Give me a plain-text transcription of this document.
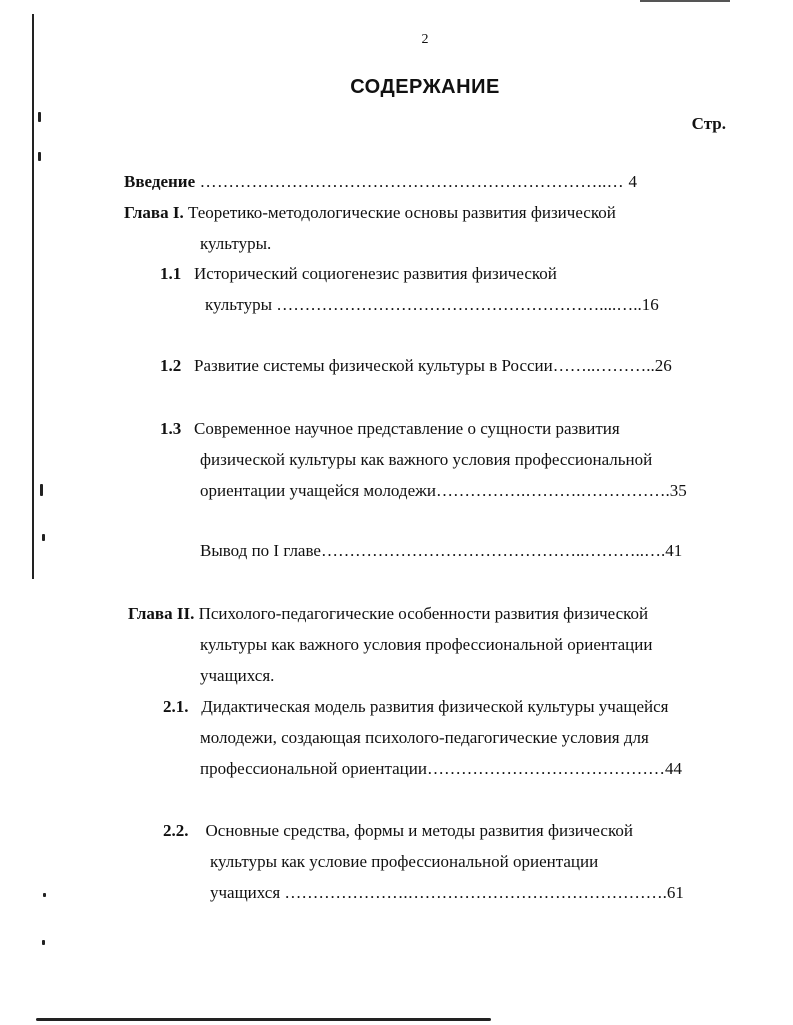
2
СОДЕРЖАНИЕ
Стр.
Введение ……………………………………………………………..… 4
Глава I. Теоретико-методологические основы развития физической
культуры.
1.1 Исторический социогенезис развития физической
культуры …………………………………………………....…..16
1.2 Развитие системы физической культуры в России……..………..26
1.3 Современное научное представление о сущности развития
физической культуры как важного условия профессиональной
ориентации учащейся молодежи…………….……….…………….35
Вывод по I главе………………………………………..………..….41
Глава II. Психолого-педагогические особенности развития физической
культуры как важного условия профессиональной ориентации
учащихся.
2.1. Дидактическая модель развития физической культуры учащейся
молодежи, создающая психолого-педагогические условия для
профессиональной ориентации……………………………………44
2.2. Основные средства, формы и методы развития физической
культуры как условие профессиональной ориентации
учащихся ………………….……………………………………….61
